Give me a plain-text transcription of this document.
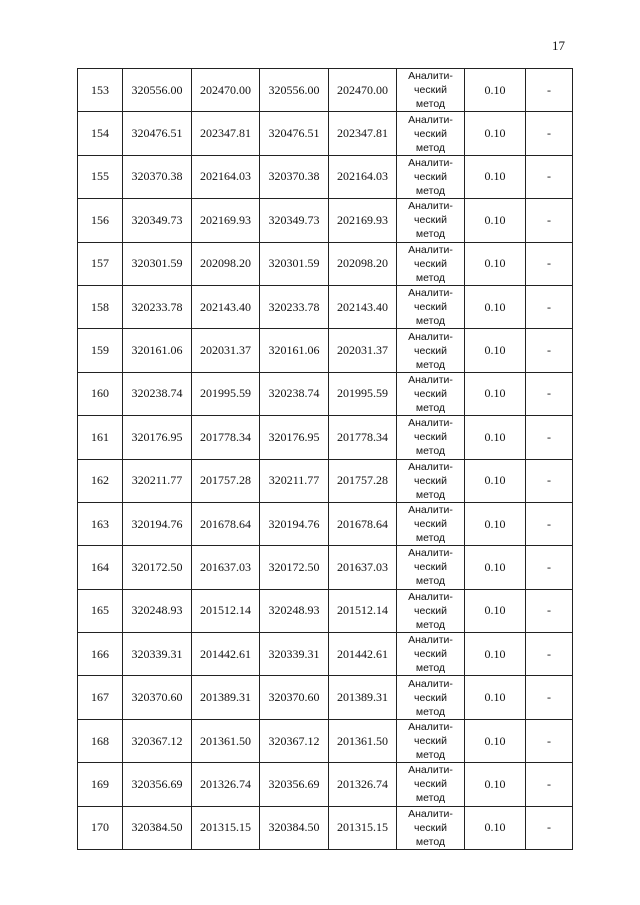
17
153	320556.00	202470.00	320556.00	202470.00	Аналити-
ческий
метод	0.10	-
154	320476.51	202347.81	320476.51	202347.81	Аналити-
ческий
метод	0.10	-
155	320370.38	202164.03	320370.38	202164.03	Аналити-
ческий
метод	0.10	-
156	320349.73	202169.93	320349.73	202169.93	Аналити-
ческий
метод	0.10	-
157	320301.59	202098.20	320301.59	202098.20	Аналити-
ческий
метод	0.10	-
158	320233.78	202143.40	320233.78	202143.40	Аналити-
ческий
метод	0.10	-
159	320161.06	202031.37	320161.06	202031.37	Аналити-
ческий
метод	0.10	-
160	320238.74	201995.59	320238.74	201995.59	Аналити-
ческий
метод	0.10	-
161	320176.95	201778.34	320176.95	201778.34	Аналити-
ческий
метод	0.10	-
162	320211.77	201757.28	320211.77	201757.28	Аналити-
ческий
метод	0.10	-
163	320194.76	201678.64	320194.76	201678.64	Аналити-
ческий
метод	0.10	-
164	320172.50	201637.03	320172.50	201637.03	Аналити-
ческий
метод	0.10	-
165	320248.93	201512.14	320248.93	201512.14	Аналити-
ческий
метод	0.10	-
166	320339.31	201442.61	320339.31	201442.61	Аналити-
ческий
метод	0.10	-
167	320370.60	201389.31	320370.60	201389.31	Аналити-
ческий
метод	0.10	-
168	320367.12	201361.50	320367.12	201361.50	Аналити-
ческий
метод	0.10	-
169	320356.69	201326.74	320356.69	201326.74	Аналити-
ческий
метод	0.10	-
170	320384.50	201315.15	320384.50	201315.15	Аналити-
ческий
метод	0.10	-
